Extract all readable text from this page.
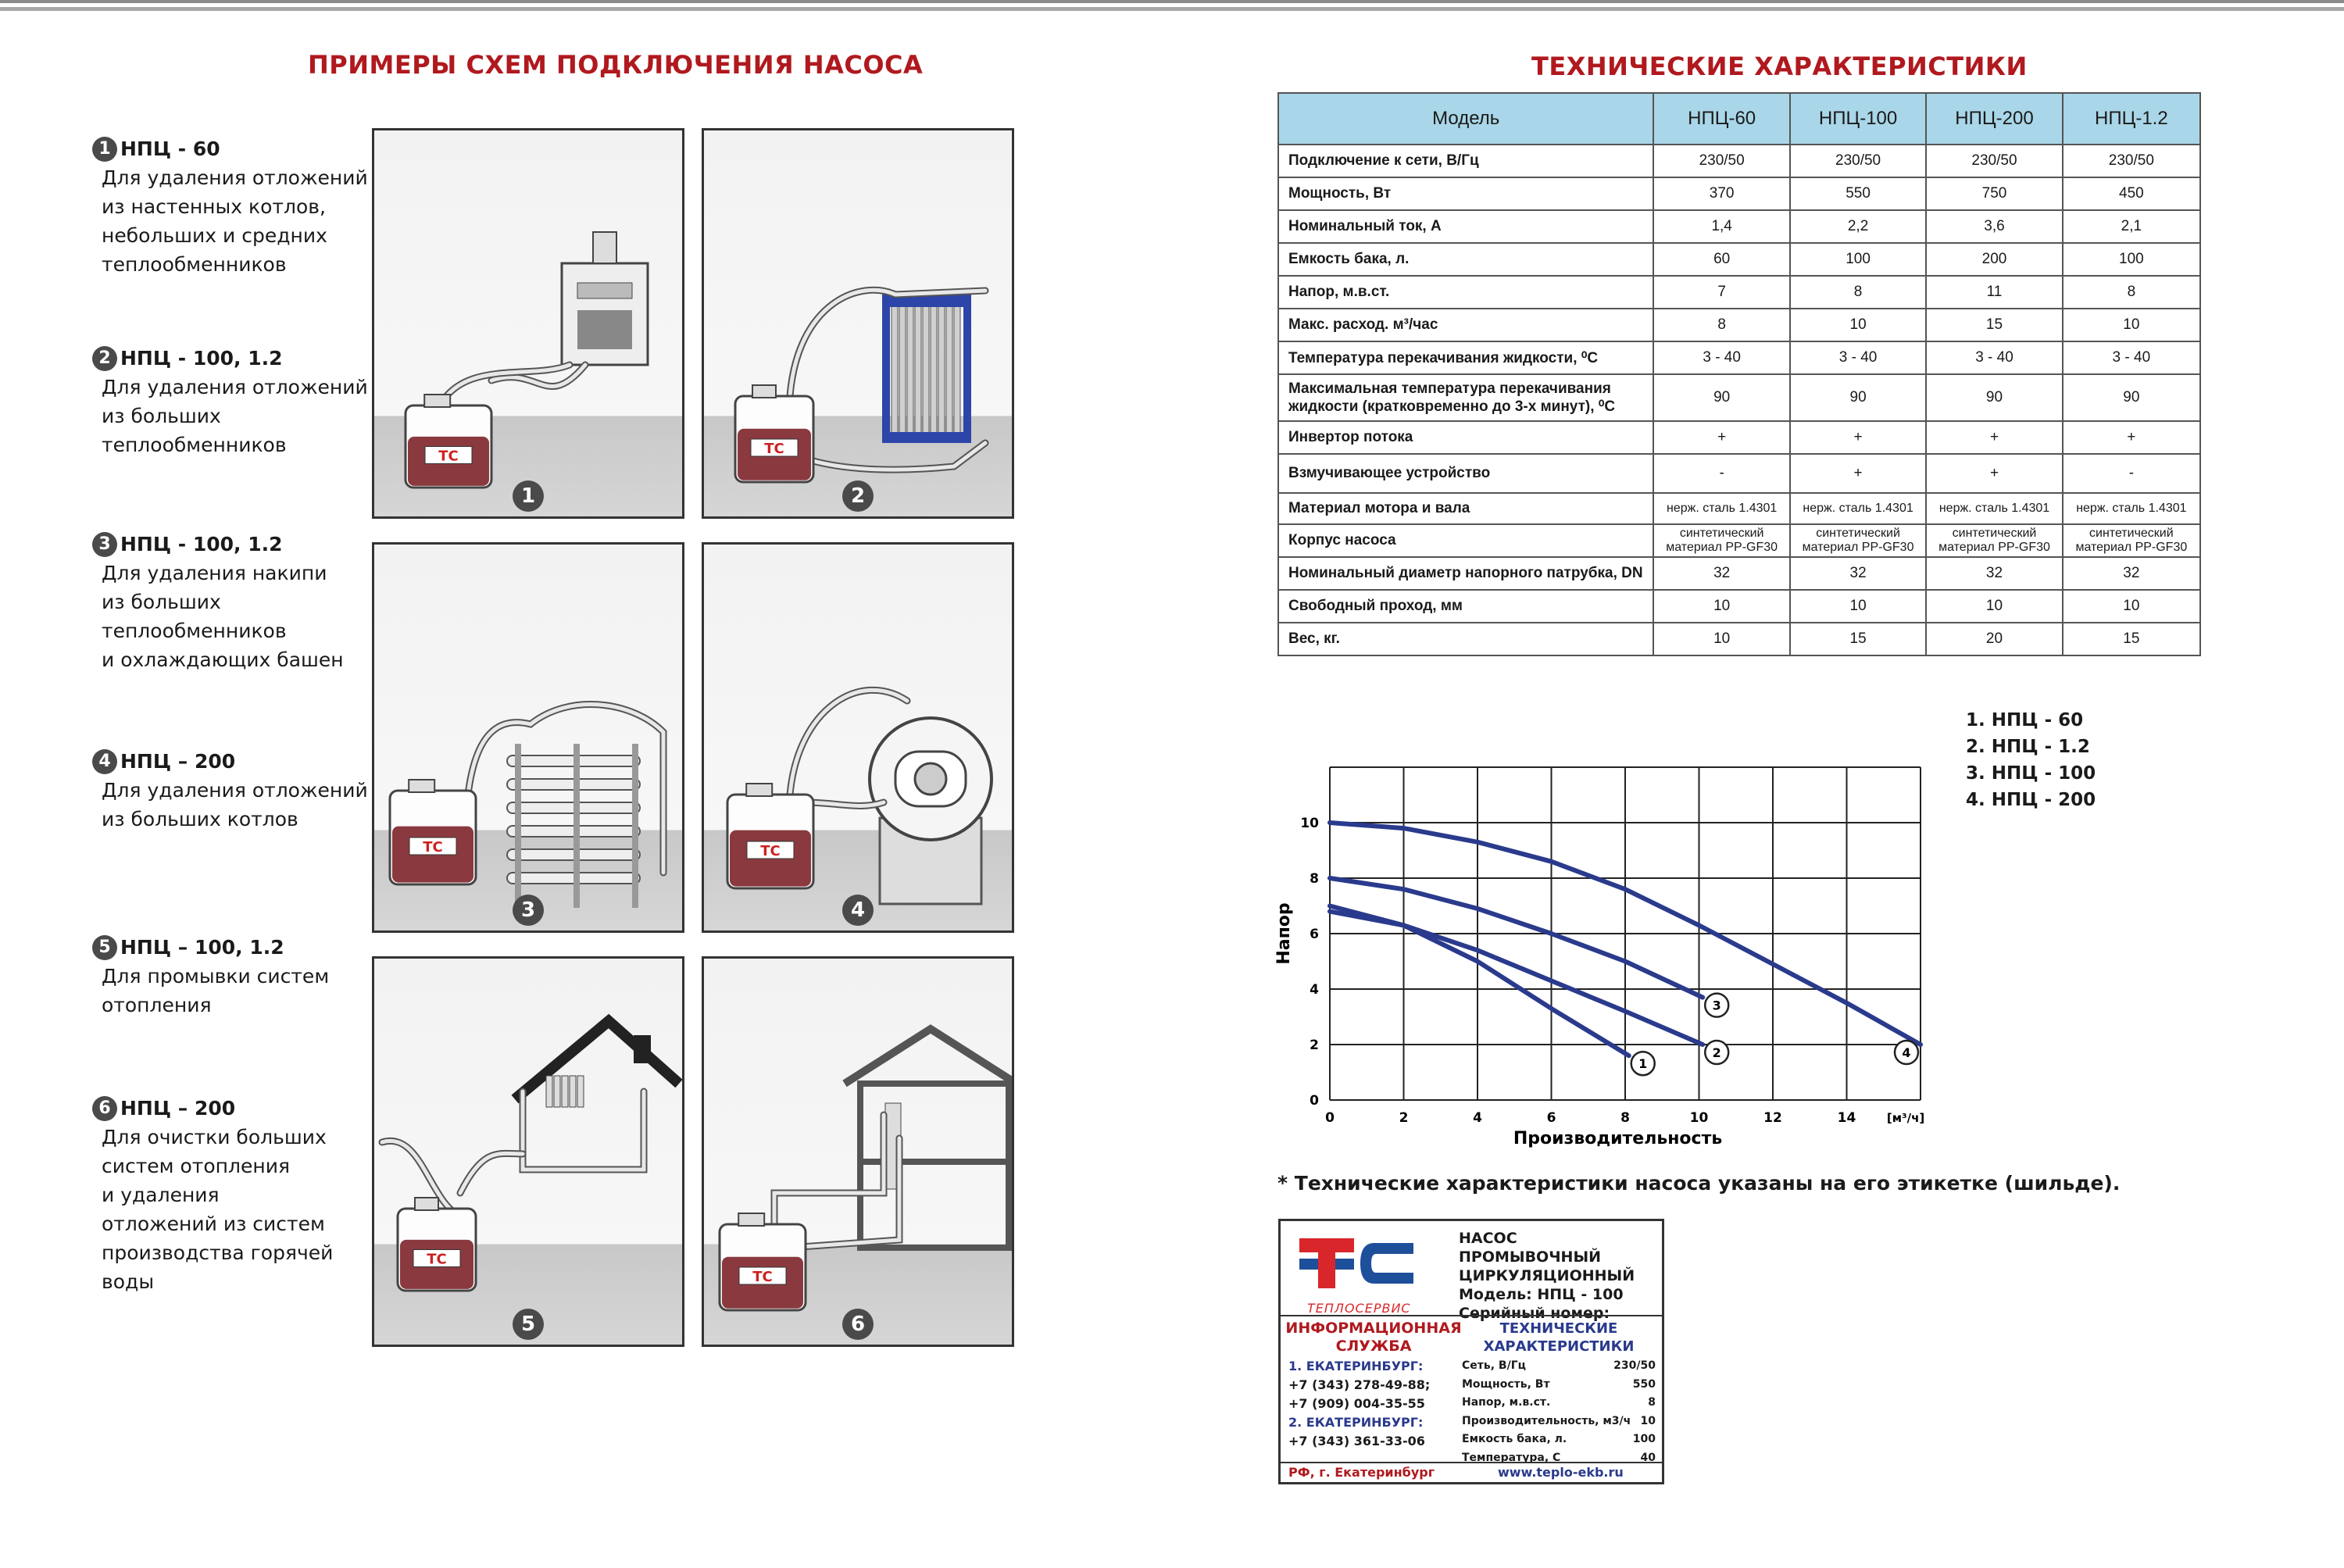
ПРИМЕРЫ СХЕМ ПОДКЛЮЧЕНИЯ НАСОСА
1 НПЦ - 60
Для удаления отложений
из настенных котлов,
небольших и средних
теплообменников
2 НПЦ - 100, 1.2
Для удаления отложений
из больших
теплообменников
3 НПЦ - 100, 1.2
Для удаления накипи
из больших
теплообменников
и охлаждающих башен
4 НПЦ – 200
Для удаления отложений
из больших котлов
5 НПЦ – 100, 1.2
Для промывки систем
отопления
6 НПЦ – 200
Для очистки больших
систем отопления
и удаления
отложений из систем
производства горячей
воды
ТС
1
ТС
2
ТС
3
ТС
4
ТС
5
ТС
6
ТЕХНИЧЕСКИЕ ХАРАКТЕРИСТИКИ
Модель	НПЦ-60	НПЦ-100	НПЦ-200	НПЦ-1.2
Подключение к сети, В/Гц	230/50	230/50	230/50	230/50
Мощность, Вт	370	550	750	450
Номинальный ток, А	1,4	2,2	3,6	2,1
Емкость бака, л.	60	100	200	100
Напор, м.в.ст.	7	8	11	8
Макс. расход. м³/час	8	10	15	10
Температура перекачивания жидкости, ⁰С	3 - 40	3 - 40	3 - 40	3 - 40
Максимальная температура перекачивания жидкости (кратковременно до 3-х минут), ⁰С	90	90	90	90
Инвертор потока	+	+	+	+
Взмучивающее устройство	-	+	+	-
Материал мотора и вала	нерж. сталь 1.4301	нерж. сталь 1.4301	нерж. сталь 1.4301	нерж. сталь 1.4301
Корпус насоса	синтетический материал PP-GF30	синтетический материал PP-GF30	синтетический материал PP-GF30	синтетический материал PP-GF30
Номинальный диаметр напорного патрубка, DN	32	32	32	32
Свободный проход, мм	10	10	10	10
Вес, кг.	10	15	20	15
0	2	4	6	8	10	12	14	[м³/ч]
0
2
4
6
8
10
Производительность
Напор
1
2
3
4
1. НПЦ - 60
2. НПЦ - 1.2
3. НПЦ - 100
4. НПЦ - 200
* Технические характеристики насоса указаны на его этикетке (шильде).
ТЕПЛОСЕРВИС
НАСОС ПРОМЫВОЧНЫЙ
ЦИРКУЛЯЦИОННЫЙ
Модель: НПЦ - 100
Серийный номер:
ИНФОРМАЦИОННАЯ
СЛУЖБА
1. ЕКАТЕРИНБУРГ:
+7 (343) 278-49-88;
+7 (909) 004-35-55
2. ЕКАТЕРИНБУРГ:
+7 (343) 361-33-06
ТЕХНИЧЕСКИЕ
ХАРАКТЕРИСТИКИ
Сеть, В/Гц	230/50
Мощность, Вт	550
Напор, м.в.ст.	8
Производительность, м3/ч 10
Емкость бака, л.	100
Температура, С	40
РФ, г. Екатеринбург	www.teplo-ekb.ru
